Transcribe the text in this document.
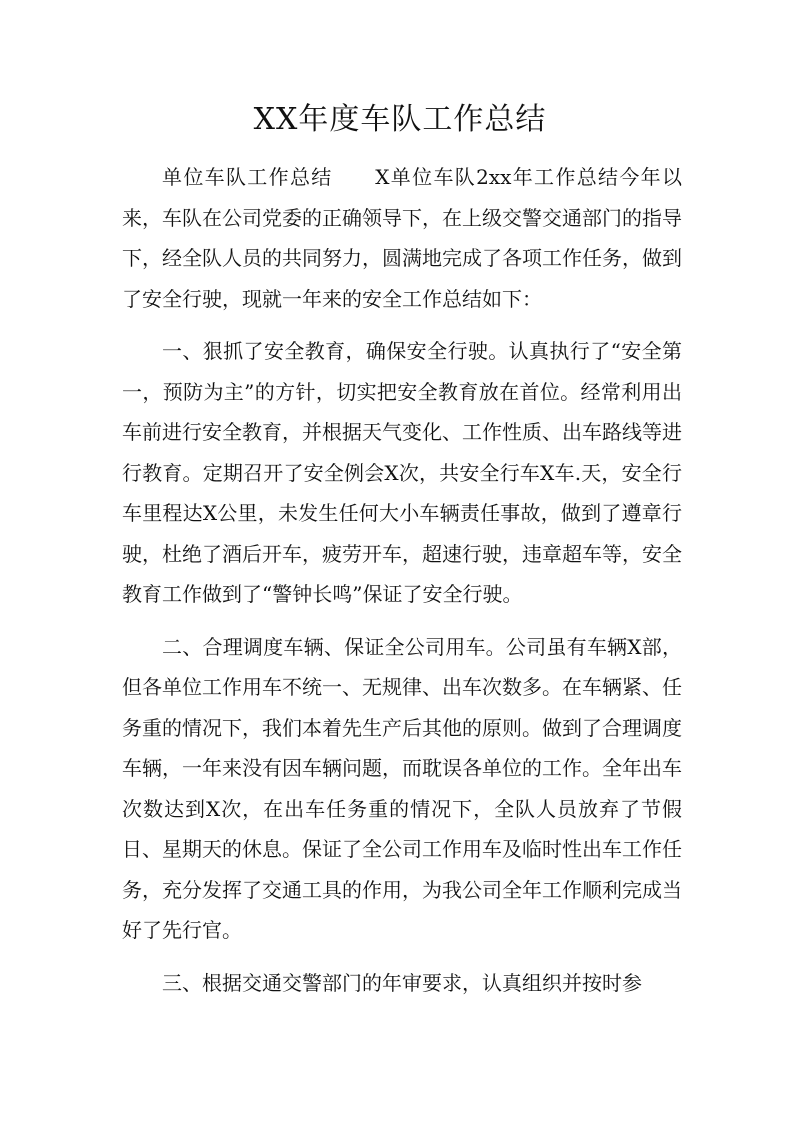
XX年度车队工作总结

单位车队工作总结　　X单位车队2xx年工作总结今年以来，车队在公司党委的正确领导下，在上级交警交通部门的指导下，经全队人员的共同努力，圆满地完成了各项工作任务，做到了安全行驶，现就一年来的安全工作总结如下：

一、狠抓了安全教育，确保安全行驶。认真执行了“安全第一，预防为主”的方针，切实把安全教育放在首位。经常利用出车前进行安全教育，并根据天气变化、工作性质、出车路线等进行教育。定期召开了安全例会X次，共安全行车X车.天，安全行车里程达X公里，未发生任何大小车辆责任事故，做到了遵章行驶，杜绝了酒后开车，疲劳开车，超速行驶，违章超车等，安全教育工作做到了“警钟长鸣”保证了安全行驶。

二、合理调度车辆、保证全公司用车。公司虽有车辆X部，但各单位工作用车不统一、无规律、出车次数多。在车辆紧、任务重的情况下，我们本着先生产后其他的原则。做到了合理调度车辆，一年来没有因车辆问题，而耽误各单位的工作。全年出车次数达到X次，在出车任务重的情况下，全队人员放弃了节假日、星期天的休息。保证了全公司工作用车及临时性出车工作任务，充分发挥了交通工具的作用，为我公司全年工作顺利完成当好了先行官。

三、根据交通交警部门的年审要求，认真组织并按时参
